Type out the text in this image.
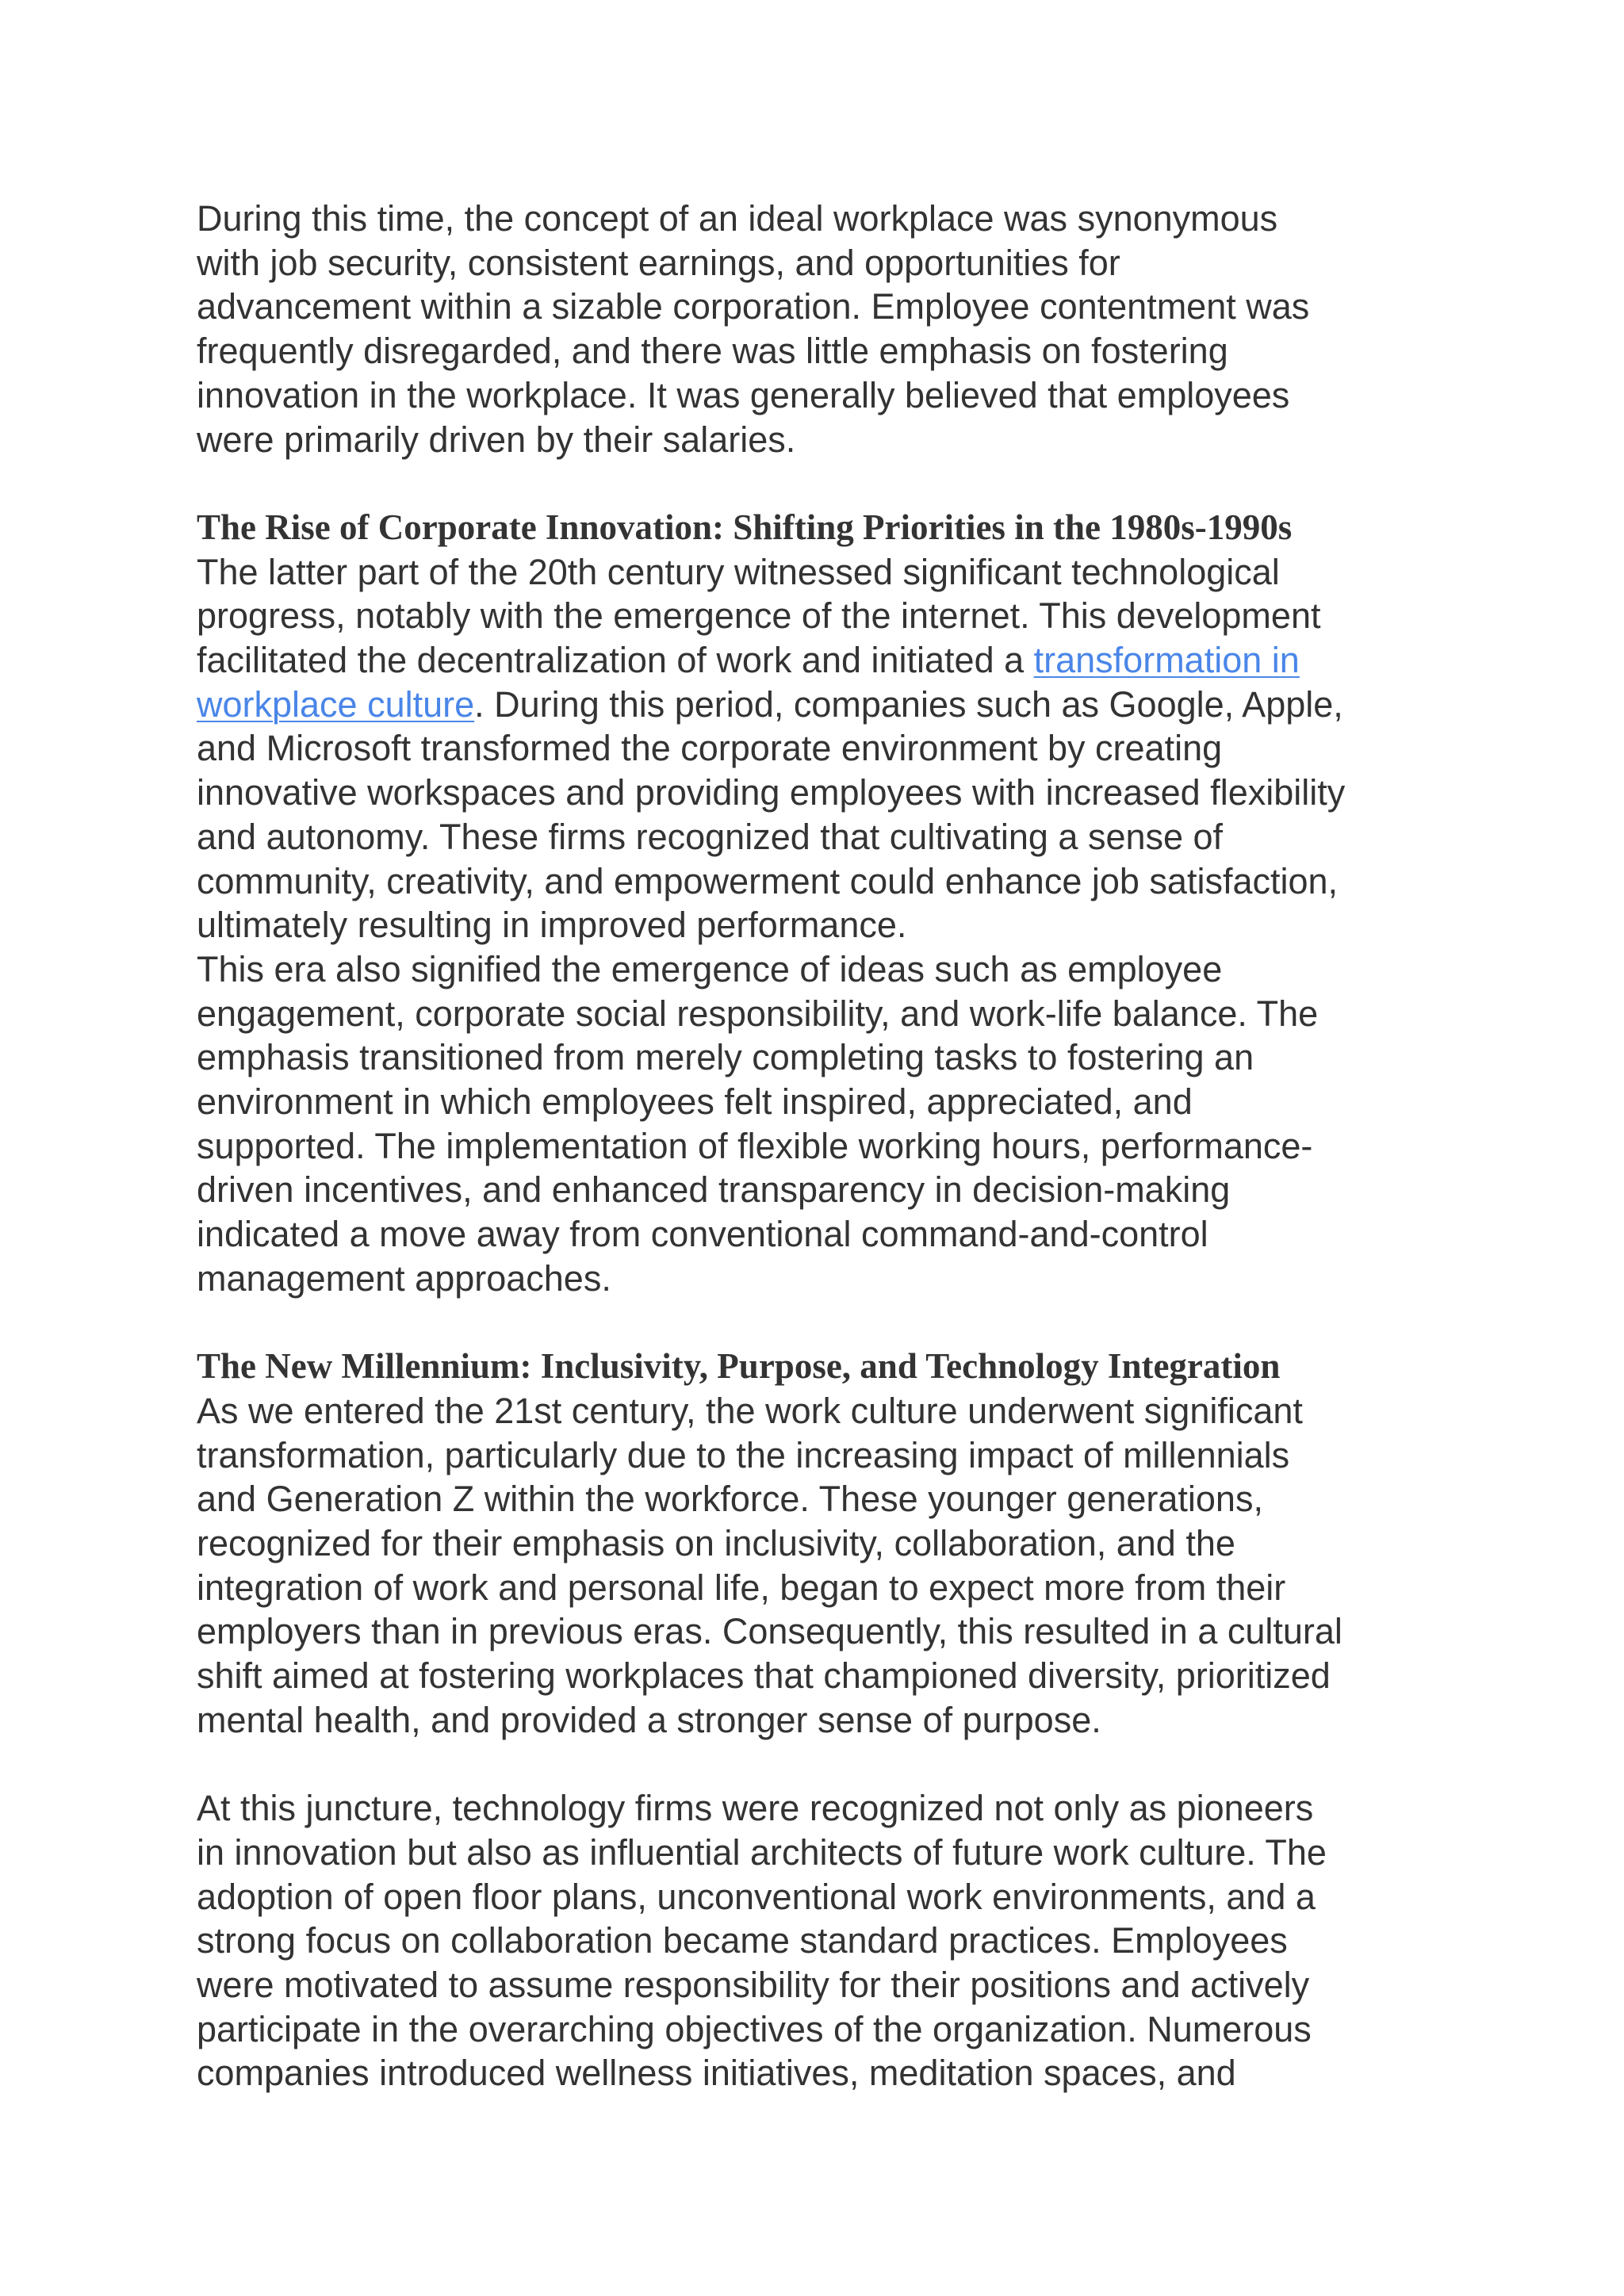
During this time, the concept of an ideal workplace was synonymous
with job security, consistent earnings, and opportunities for
advancement within a sizable corporation. Employee contentment was
frequently disregarded, and there was little emphasis on fostering
innovation in the workplace. It was generally believed that employees
were primarily driven by their salaries.

The Rise of Corporate Innovation: Shifting Priorities in the 1980s-1990s

The latter part of the 20th century witnessed significant technological
progress, notably with the emergence of the internet. This development
facilitated the decentralization of work and initiated a transformation in
workplace culture. During this period, companies such as Google, Apple,
and Microsoft transformed the corporate environment by creating
innovative workspaces and providing employees with increased flexibility
and autonomy. These firms recognized that cultivating a sense of
community, creativity, and empowerment could enhance job satisfaction,
ultimately resulting in improved performance.

This era also signified the emergence of ideas such as employee
engagement, corporate social responsibility, and work-life balance. The
emphasis transitioned from merely completing tasks to fostering an
environment in which employees felt inspired, appreciated, and
supported. The implementation of flexible working hours, performance-
driven incentives, and enhanced transparency in decision-making
indicated a move away from conventional command-and-control
management approaches.

The New Millennium: Inclusivity, Purpose, and Technology Integration

As we entered the 21st century, the work culture underwent significant
transformation, particularly due to the increasing impact of millennials
and Generation Z within the workforce. These younger generations,
recognized for their emphasis on inclusivity, collaboration, and the
integration of work and personal life, began to expect more from their
employers than in previous eras. Consequently, this resulted in a cultural
shift aimed at fostering workplaces that championed diversity, prioritized
mental health, and provided a stronger sense of purpose.

At this juncture, technology firms were recognized not only as pioneers
in innovation but also as influential architects of future work culture. The
adoption of open floor plans, unconventional work environments, and a
strong focus on collaboration became standard practices. Employees
were motivated to assume responsibility for their positions and actively
participate in the overarching objectives of the organization. Numerous
companies introduced wellness initiatives, meditation spaces, and
